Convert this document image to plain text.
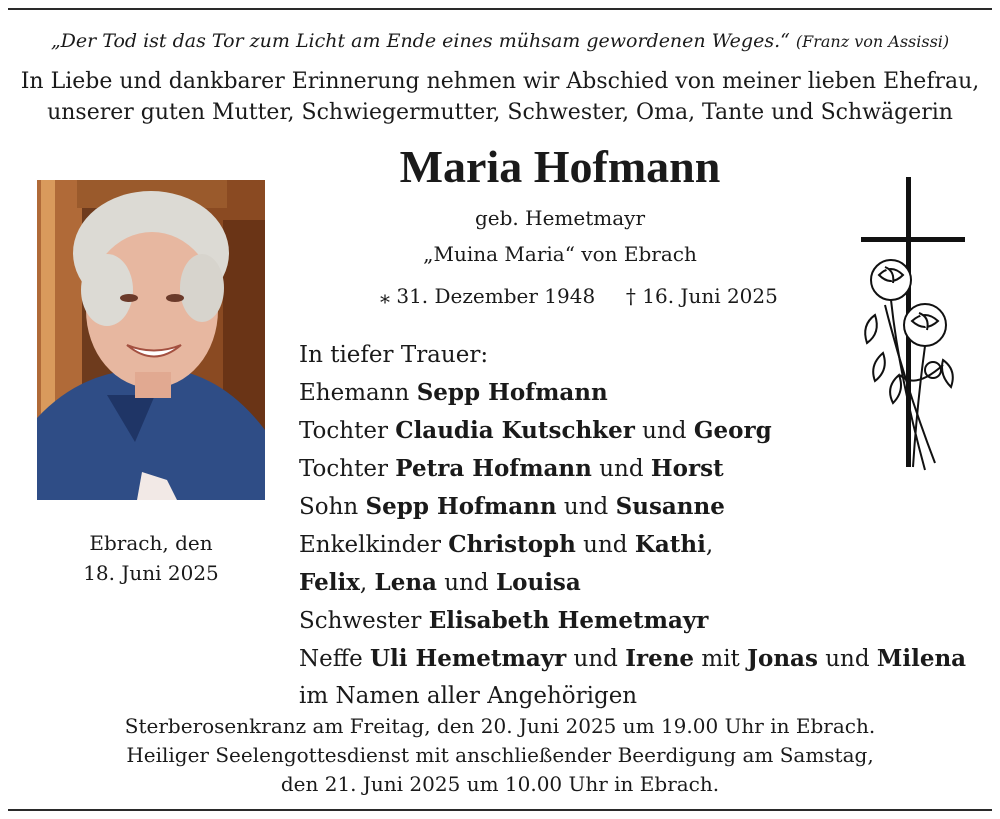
„Der Tod ist das Tor zum Licht am Ende eines mühsam gewordenen Weges.“ (Franz von Assissi)
In Liebe und dankbarer Erinnerung nehmen wir Abschied von meiner lieben Ehefrau,
unserer guten Mutter, Schwiegermutter, Schwester, Oma, Tante und Schwägerin
Maria Hofmann
geb. Hemetmayr
„Muina Maria“ von Ebrach
⁎ 31. Dezember 1948 † 16. Juni 2025
Ebrach, den
18. Juni 2025
In tiefer Trauer:
Ehemann Sepp Hofmann
Tochter Claudia Kutschker und Georg
Tochter Petra Hofmann und Horst
Sohn Sepp Hofmann und Susanne
Enkelkinder Christoph und Kathi,
Felix, Lena und Louisa
Schwester Elisabeth Hemetmayr
Neffe Uli Hemetmayr und Irene mit Jonas und Milena
im Namen aller Angehörigen
Sterberosenkranz am Freitag, den 20. Juni 2025 um 19.00 Uhr in Ebrach.
Heiliger Seelengottesdienst mit anschließender Beerdigung am Samstag,
den 21. Juni 2025 um 10.00 Uhr in Ebrach.
